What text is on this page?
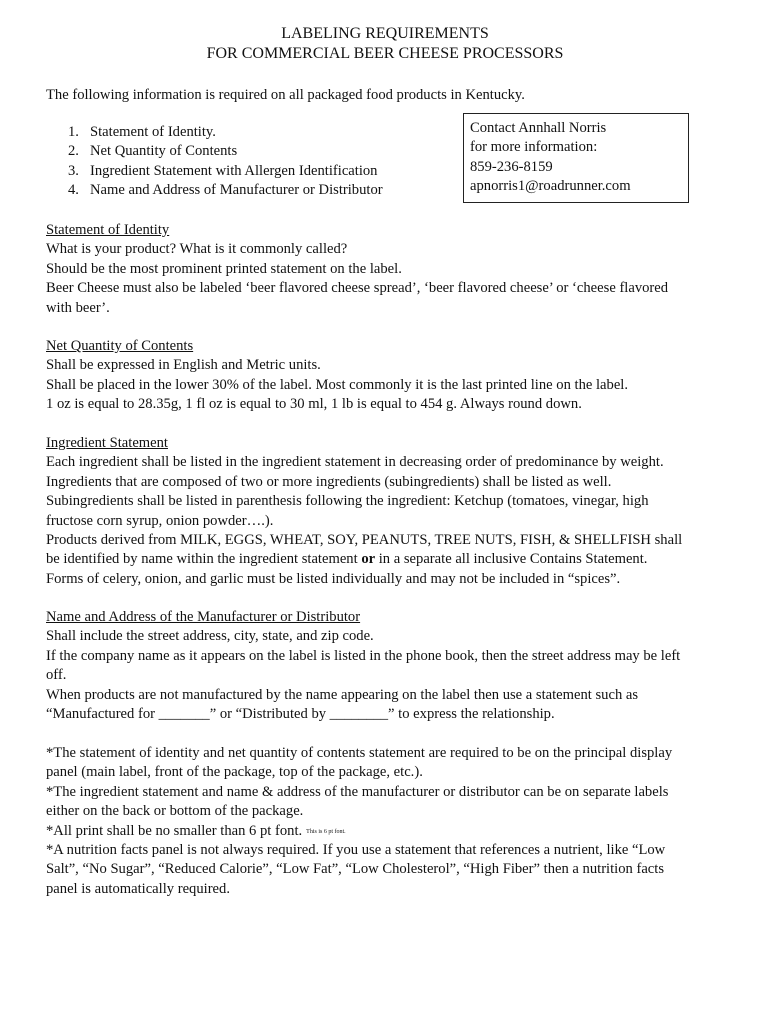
LABELING REQUIREMENTS
FOR COMMERCIAL BEER CHEESE PROCESSORS
The following information is required on all packaged food products in Kentucky.
1. Statement of Identity.
2. Net Quantity of Contents
3. Ingredient Statement with Allergen Identification
4. Name and Address of Manufacturer or Distributor
Contact Annhall Norris
for more information:
859-236-8159
apnorris1@roadrunner.com
Statement of Identity
What is your product? What is it commonly called?
Should be the most prominent printed statement on the label.
Beer Cheese must also be labeled ‘beer flavored cheese spread’, ‘beer flavored cheese’ or ‘cheese flavored
with beer’.
Net Quantity of Contents
Shall be expressed in English and Metric units.
Shall be placed in the lower 30% of the label. Most commonly it is the last printed line on the label.
1 oz is equal to 28.35g, 1 fl oz is equal to 30 ml, 1 lb is equal to 454 g. Always round down.
Ingredient Statement
Each ingredient shall be listed in the ingredient statement in decreasing order of predominance by weight.
Ingredients that are composed of two or more ingredients (subingredients) shall be listed as well.
Subingredients shall be listed in parenthesis following the ingredient: Ketchup (tomatoes, vinegar, high
fructose corn syrup, onion powder….).
Products derived from MILK, EGGS, WHEAT, SOY, PEANUTS, TREE NUTS, FISH, & SHELLFISH shall
be identified by name within the ingredient statement or in a separate all inclusive Contains Statement.
Forms of celery, onion, and garlic must be listed individually and may not be included in “spices”.
Name and Address of the Manufacturer or Distributor
Shall include the street address, city, state, and zip code.
If the company name as it appears on the label is listed in the phone book, then the street address may be left
off.
When products are not manufactured by the name appearing on the label then use a statement such as
“Manufactured for _______” or “Distributed by ________” to express the relationship.
*The statement of identity and net quantity of contents statement are required to be on the principal display
panel (main label, front of the package, top of the package, etc.).
*The ingredient statement and name & address of the manufacturer or distributor can be on separate labels
either on the back or bottom of the package.
*All print shall be no smaller than 6 pt font. This is 6 pt font.
*A nutrition facts panel is not always required. If you use a statement that references a nutrient, like “Low
Salt”, “No Sugar”, “Reduced Calorie”, “Low Fat”, “Low Cholesterol”, “High Fiber” then a nutrition facts
panel is automatically required.
